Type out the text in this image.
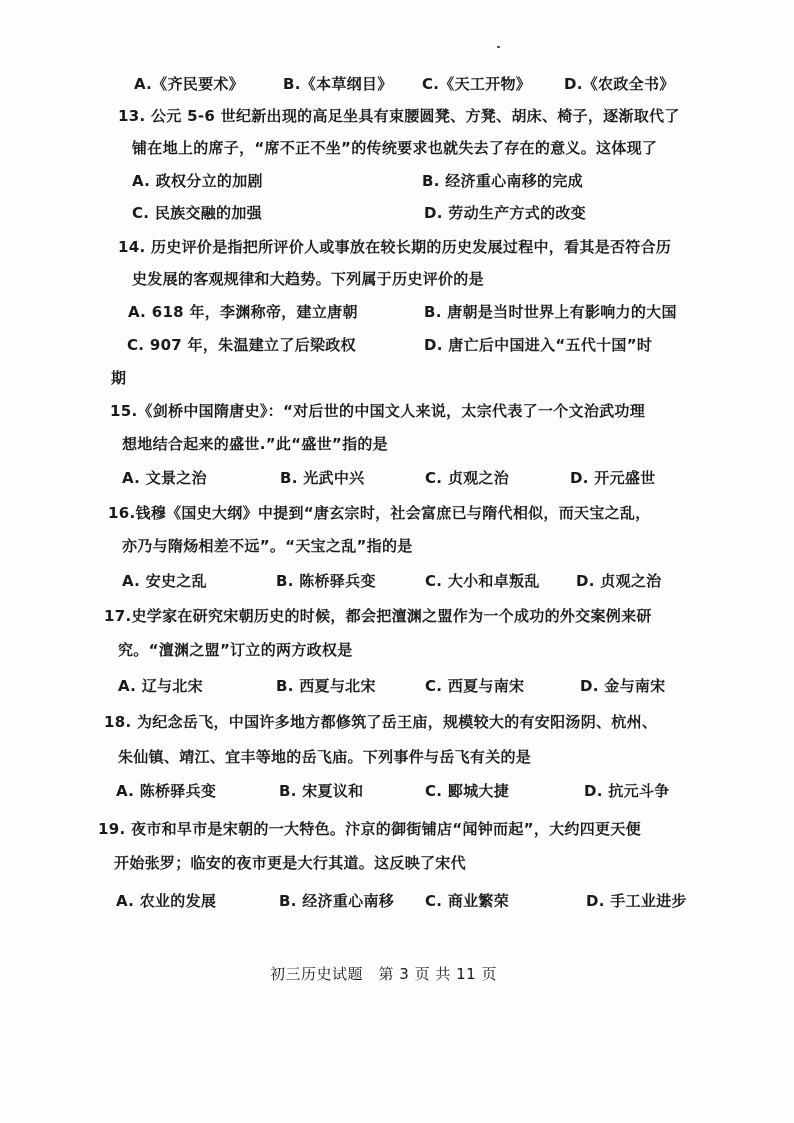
A.《齐民要术》	B.《本草纲目》 C.《天工开物》 D.《农政全书》
13. 公元 5-6 世纪新出现的高足坐具有束腰圆凳、方凳、胡床、椅子，逐渐取代了
铺在地上的席子，“席不正不坐”的传统要求也就失去了存在的意义。这体现了
A. 政权分立的加剧	B. 经济重心南移的完成
C. 民族交融的加强	D. 劳动生产方式的改变
14. 历史评价是指把所评价人或事放在较长期的历史发展过程中，看其是否符合历
史发展的客观规律和大趋势。下列属于历史评价的是
A. 618 年，李渊称帝，建立唐朝	B. 唐朝是当时世界上有影响力的大国
C. 907 年，朱温建立了后梁政权	D. 唐亡后中国进入“五代十国”时
期
15.《剑桥中国隋唐史》：“对后世的中国文人来说，太宗代表了一个文治武功理
想地结合起来的盛世.”此“盛世”指的是
A. 文景之治	B. 光武中兴	C. 贞观之治	D. 开元盛世
16.钱穆《国史大纲》中提到“唐玄宗时，社会富庶已与隋代相似，而天宝之乱，
亦乃与隋炀相差不远”。“天宝之乱”指的是
A. 安史之乱	B. 陈桥驿兵变	C. 大小和卓叛乱 D. 贞观之治
17.史学家在研究宋朝历史的时候，都会把澶渊之盟作为一个成功的外交案例来研
究。“澶渊之盟”订立的两方政权是
A. 辽与北宋	B. 西夏与北宋	C. 西夏与南宋	D. 金与南宋
18. 为纪念岳飞，中国许多地方都修筑了岳王庙，规模较大的有安阳汤阴、杭州、
朱仙镇、靖江、宜丰等地的岳飞庙。下列事件与岳飞有关的是
A. 陈桥驿兵变	B. 宋夏议和	C. 郾城大捷	D. 抗元斗争
19. 夜市和早市是宋朝的一大特色。汴京的御街铺店“闻钟而起”，大约四更天便
开始张罗；临安的夜市更是大行其道。这反映了宋代
A. 农业的发展	B. 经济重心南移 C. 商业繁荣	D. 手工业进步
初三历史试题　第 3 页 共 11 页
